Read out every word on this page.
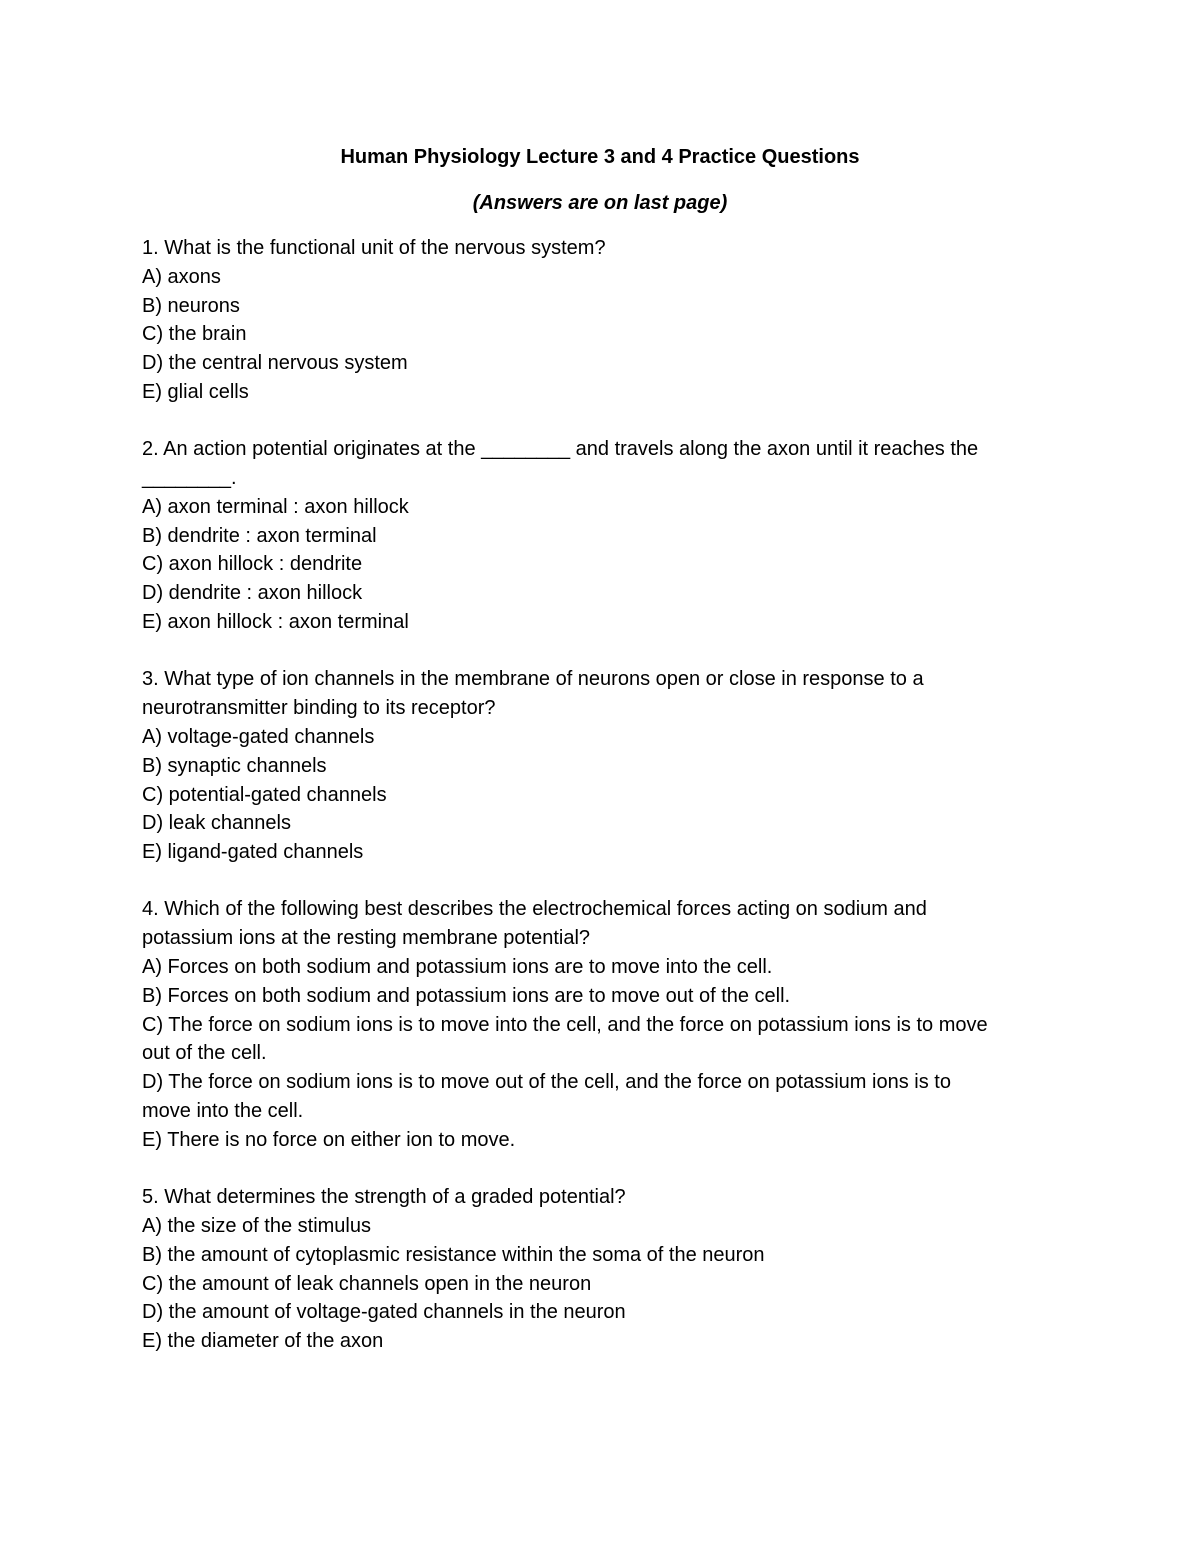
Human Physiology Lecture 3 and 4 Practice Questions
(Answers are on last page)
1. What is the functional unit of the nervous system?
A) axons
B) neurons
C) the brain
D) the central nervous system
E) glial cells
2. An action potential originates at the ________ and travels along the axon until it reaches the
________.
A) axon terminal : axon hillock
B) dendrite : axon terminal
C) axon hillock : dendrite
D) dendrite : axon hillock
E) axon hillock : axon terminal
3. What type of ion channels in the membrane of neurons open or close in response to a
neurotransmitter binding to its receptor?
A) voltage-gated channels
B) synaptic channels
C) potential-gated channels
D) leak channels
E) ligand-gated channels
4. Which of the following best describes the electrochemical forces acting on sodium and
potassium ions at the resting membrane potential?
A) Forces on both sodium and potassium ions are to move into the cell.
B) Forces on both sodium and potassium ions are to move out of the cell.
C) The force on sodium ions is to move into the cell, and the force on potassium ions is to move
out of the cell.
D) The force on sodium ions is to move out of the cell, and the force on potassium ions is to
move into the cell.
E) There is no force on either ion to move.
5. What determines the strength of a graded potential?
A) the size of the stimulus
B) the amount of cytoplasmic resistance within the soma of the neuron
C) the amount of leak channels open in the neuron
D) the amount of voltage-gated channels in the neuron
E) the diameter of the axon
